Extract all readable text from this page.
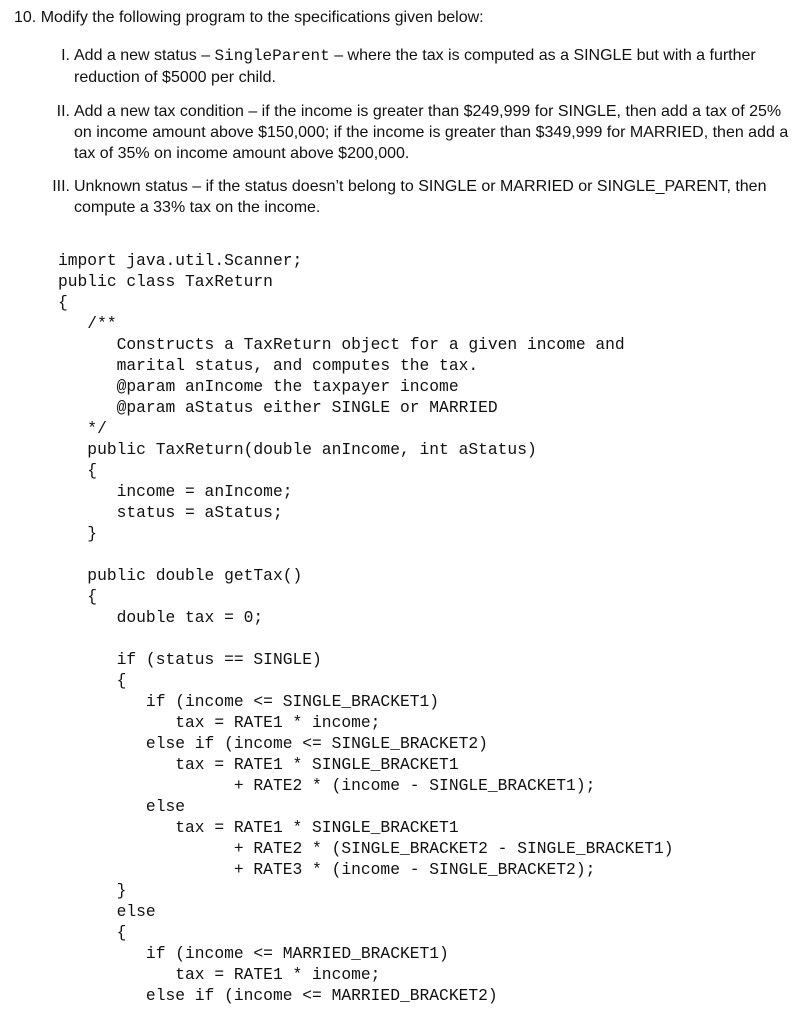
10. Modify the following program to the specifications given below:
I. Add a new status – SingleParent – where the tax is computed as a SINGLE but with a further reduction of $5000 per child.
II. Add a new tax condition – if the income is greater than $249,999 for SINGLE, then add a tax of 25% on income amount above $150,000; if the income is greater than $349,999 for MARRIED, then add a tax of 35% on income amount above $200,000.
III. Unknown status – if the status doesn’t belong to SINGLE or MARRIED or SINGLE_PARENT, then compute a 33% tax on the income.
import java.util.Scanner;
public class TaxReturn
{
/**
Constructs a TaxReturn object for a given income and
marital status, and computes the tax.
@param anIncome the taxpayer income
@param aStatus either SINGLE or MARRIED
*/
public TaxReturn(double anIncome, int aStatus)
{
income = anIncome;
status = aStatus;
}

public double getTax()
{
double tax = 0;

if (status == SINGLE)
{
if (income <= SINGLE_BRACKET1)
tax = RATE1 * income;
else if (income <= SINGLE_BRACKET2)
tax = RATE1 * SINGLE_BRACKET1
+ RATE2 * (income - SINGLE_BRACKET1);
else
tax = RATE1 * SINGLE_BRACKET1
+ RATE2 * (SINGLE_BRACKET2 - SINGLE_BRACKET1)
+ RATE3 * (income - SINGLE_BRACKET2);
}
else
{
if (income <= MARRIED_BRACKET1)
tax = RATE1 * income;
else if (income <= MARRIED_BRACKET2)
